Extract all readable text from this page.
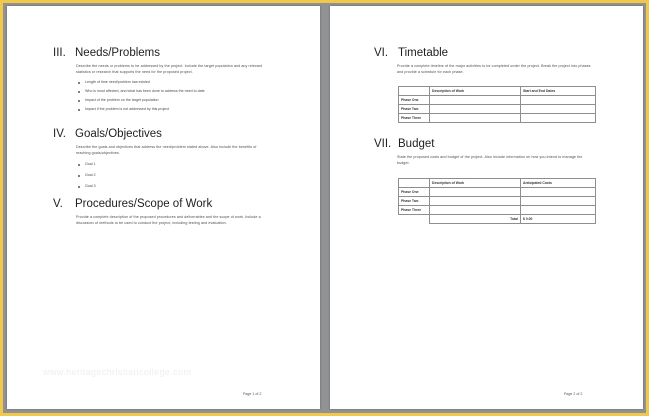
III. Needs/Problems
Describe the needs or problems to be addressed by the project. Include the target population and any relevant statistics or research that supports the need for the proposed project.
Length of time need/problem has existed
Who is most affected, and what has been done to address the need to date
Impact of the problem on the target population
Impact if the problem is not addressed by this project
IV. Goals/Objectives
Describe the goals and objectives that address the need/problem stated above. Also include the benefits of reaching goals/objectives.
Goal 1
Goal 2
Goal 3
V. Procedures/Scope of Work
Provide a complete description of the proposed procedures and deliverables and the scope of work. Include a discussion of methods to be used to conduct the project, including testing and evaluation.
www.heritagechristiancollege.com
Page 1 of 2
VI. Timetable
Provide a complete timeline of the major activities to be completed under the project. Break the project into phases and provide a schedule for each phase.
	Description of Work	Start and End Dates
Phase One		
Phase Two		
Phase Three		
VII. Budget
State the proposed costs and budget of the project. Also include information on how you intend to manage the budget.
	Description of Work	Anticipated Costs
Phase One		
Phase Two		
Phase Three		
	Total	$ 0.00
Page 2 of 2
